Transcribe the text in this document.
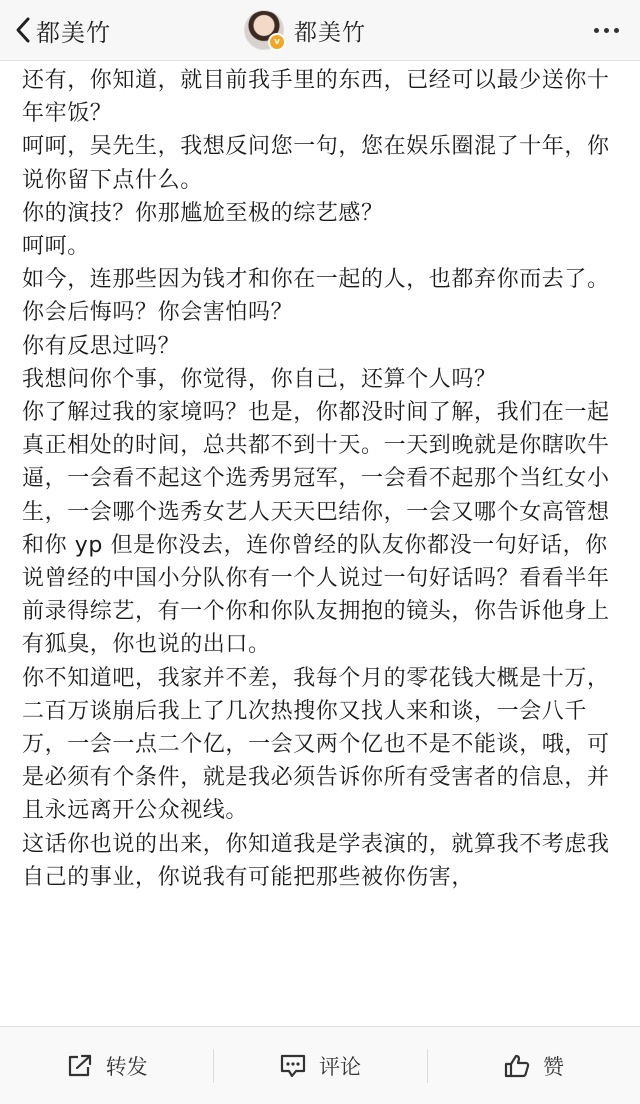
都美竹	v 都美竹

还有，你知道，就目前我手里的东西，已经可以最少送你十年牢饭？

呵呵，吴先生，我想反问您一句，您在娱乐圈混了十年，你说你留下点什么。

你的演技？你那尴尬至极的综艺感？

呵呵。

如今，连那些因为钱才和你在一起的人，也都弃你而去了。

你会后悔吗？你会害怕吗？

你有反思过吗？

我想问你个事，你觉得，你自己，还算个人吗？

你了解过我的家境吗？也是，你都没时间了解，我们在一起真正相处的时间，总共都不到十天。一天到晚就是你瞎吹牛逼，一会看不起这个选秀男冠军，一会看不起那个当红女小生，一会哪个选秀女艺人天天巴结你，一会又哪个女高管想和你 yp 但是你没去，连你曾经的队友你都没一句好话，你说曾经的中国小分队你有一个人说过一句好话吗？看看半年前录得综艺，有一个你和你队友拥抱的镜头，你告诉他身上有狐臭，你也说的出口。

你不知道吧，我家并不差，我每个月的零花钱大概是十万，二百万谈崩后我上了几次热搜你又找人来和谈，一会八千万，一会一点二个亿，一会又两个亿也不是不能谈，哦，可是必须有个条件，就是我必须告诉你所有受害者的信息，并且永远离开公众视线。

这话你也说的出来，你知道我是学表演的，就算我不考虑我自己的事业，你说我有可能把那些被你伤害，

转发	评论	赞
